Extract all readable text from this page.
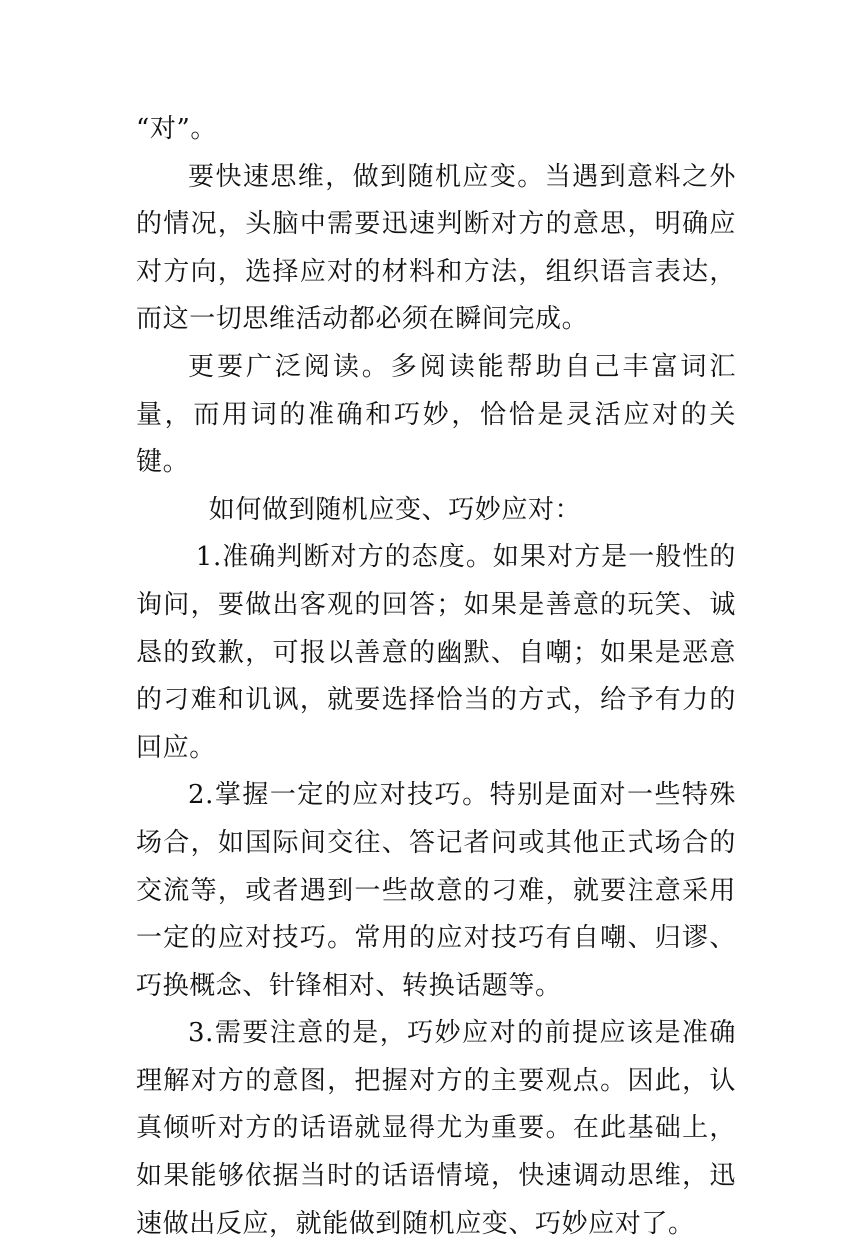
“对”。

要快速思维，做到随机应变。当遇到意料之外的情况，头脑中需要迅速判断对方的意思，明确应对方向，选择应对的材料和方法，组织语言表达，而这一切思维活动都必须在瞬间完成。

更要广泛阅读。多阅读能帮助自己丰富词汇量，而用词的准确和巧妙，恰恰是灵活应对的关键。

如何做到随机应变、巧妙应对：

1.准确判断对方的态度。如果对方是一般性的询问，要做出客观的回答；如果是善意的玩笑、诚恳的致歉，可报以善意的幽默、自嘲；如果是恶意的刁难和讥讽，就要选择恰当的方式，给予有力的回应。

2.掌握一定的应对技巧。特别是面对一些特殊场合，如国际间交往、答记者问或其他正式场合的交流等，或者遇到一些故意的刁难，就要注意采用一定的应对技巧。常用的应对技巧有自嘲、归谬、巧换概念、针锋相对、转换话题等。

3.需要注意的是，巧妙应对的前提应该是准确理解对方的意图，把握对方的主要观点。因此，认真倾听对方的话语就显得尤为重要。在此基础上，如果能够依据当时的话语情境，快速调动思维，迅速做出反应，就能做到随机应变、巧妙应对了。
